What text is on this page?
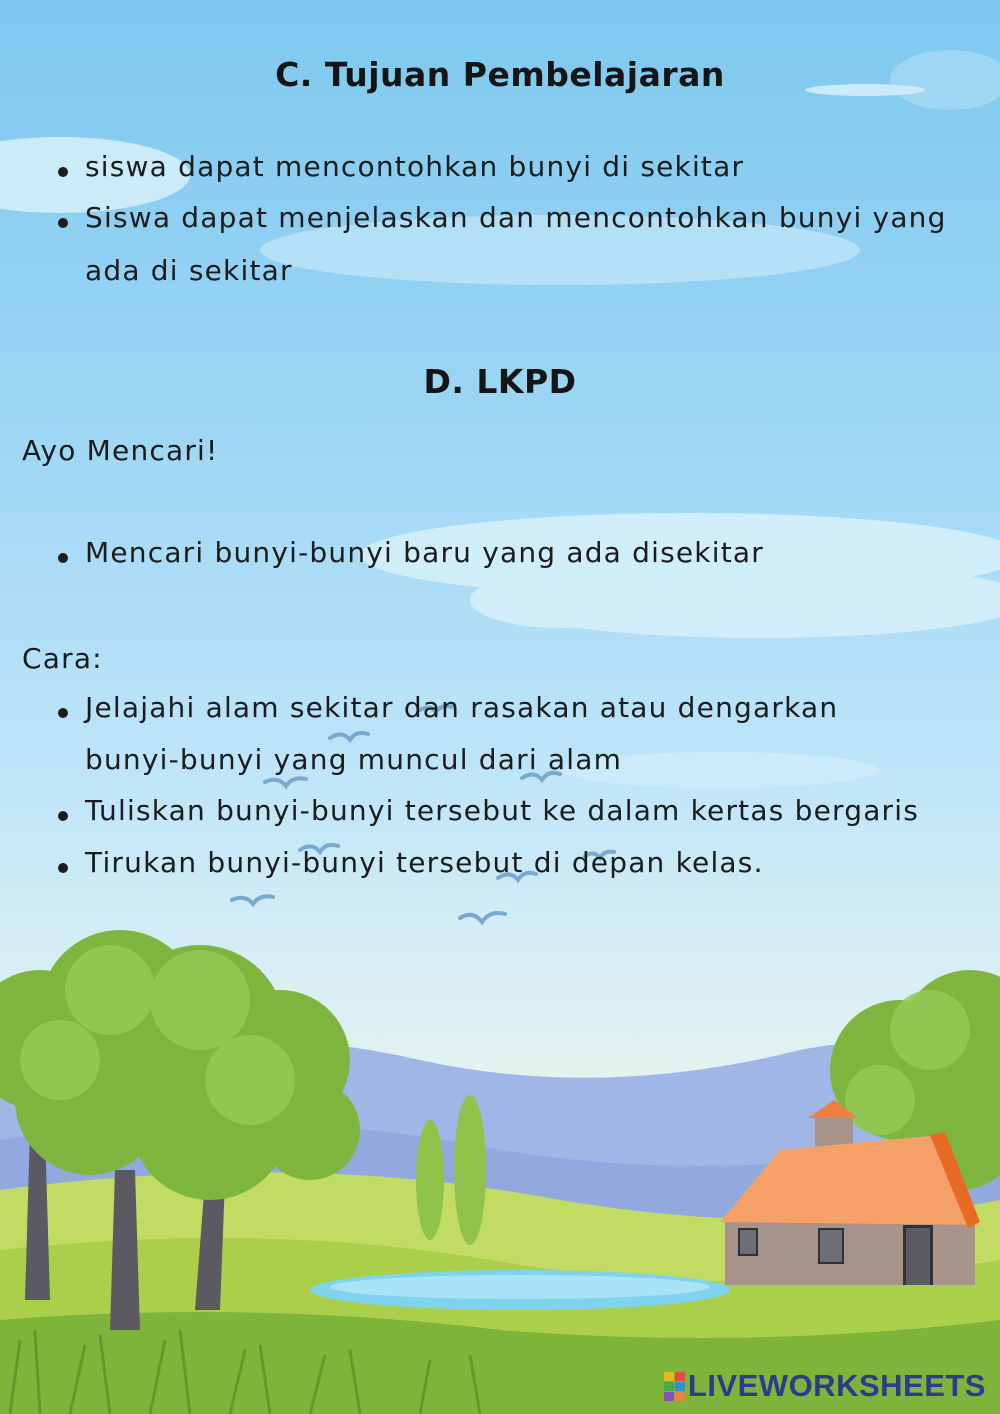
C. Tujuan Pembelajaran
siswa dapat mencontohkan bunyi di sekitar
Siswa dapat menjelaskan dan mencontohkan bunyi yang
ada di sekitar
D. LKPD
Ayo Mencari!
Mencari bunyi-bunyi baru yang ada disekitar
Cara:
Jelajahi alam sekitar dan rasakan atau dengarkan
bunyi-bunyi yang muncul dari alam
Tuliskan bunyi-bunyi tersebut ke dalam kertas bergaris
Tirukan bunyi-bunyi tersebut di depan kelas.
LIVEWORKSHEETS
